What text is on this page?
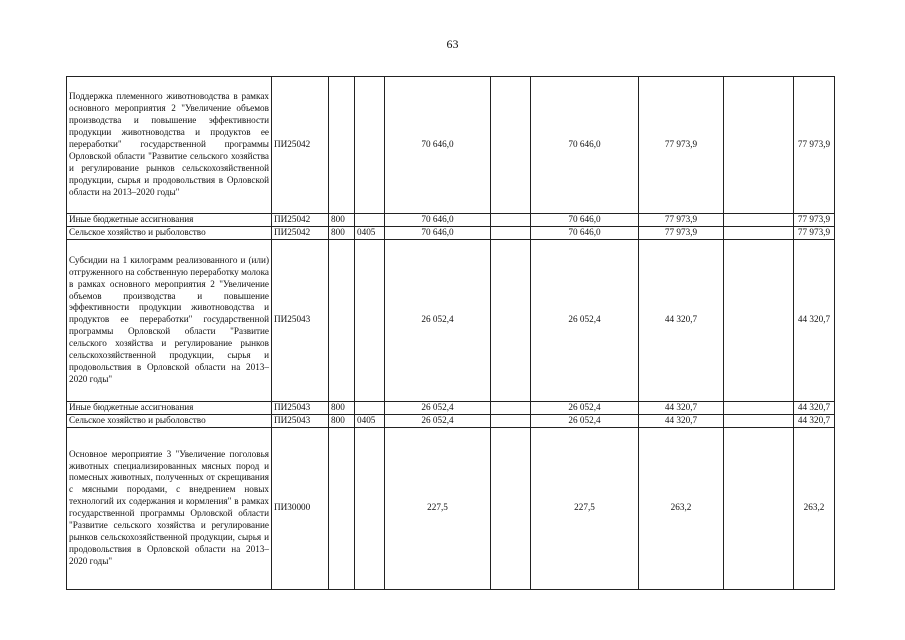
63
Поддержка племенного животноводства в рамках основного мероприятия 2 "Увеличение объемов производства и повышение эффективности продукции животноводства и продуктов ее переработки" государственной программы Орловской области "Развитие сельского хозяйства и регулирование рынков сельскохозяйственной продукции, сырья и продовольствия в Орловской области на 2013–2020 годы"	ПИ25042			70 646,0		70 646,0	77 973,9		77 973,9
Иные бюджетные ассигнования	ПИ25042	800		70 646,0		70 646,0	77 973,9		77 973,9
Сельское хозяйство и рыболовство	ПИ25042	800	0405	70 646,0		70 646,0	77 973,9		77 973,9
Субсидии на 1 килограмм реализованного и (или) отгруженного на собственную переработку молока в рамках основного мероприятия 2 "Увеличение объемов производства и повышение эффективности продукции животноводства и продуктов ее переработки" государственной программы Орловской области "Развитие сельского хозяйства и регулирование рынков сельскохозяйственной продукции, сырья и продовольствия в Орловской области на 2013–2020 годы"	ПИ25043			26 052,4		26 052,4	44 320,7		44 320,7
Иные бюджетные ассигнования	ПИ25043	800		26 052,4		26 052,4	44 320,7		44 320,7
Сельское хозяйство и рыболовство	ПИ25043	800	0405	26 052,4		26 052,4	44 320,7		44 320,7
Основное мероприятие 3 "Увеличение поголовья животных специализированных мясных пород и помесных животных, полученных от скрещивания с мясными породами, с внедрением новых технологий их содержания и кормления" в рамках государственной программы Орловской области "Развитие сельского хозяйства и регулирование рынков сельскохозяйственной продукции, сырья и продовольствия в Орловской области на 2013–2020 годы"	ПИ30000			227,5		227,5	263,2		263,2
